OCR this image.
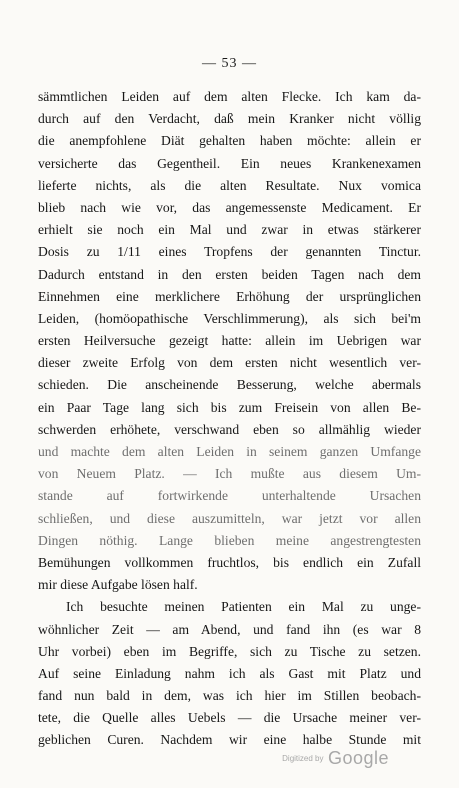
— 53 —
sämmtlichen Leiden auf dem alten Flecke. Ich kam da-
durch auf den Verdacht, daß mein Kranker nicht völlig
die anempfohlene Diät gehalten haben möchte: allein er
versicherte das Gegentheil. Ein neues Krankenexamen
lieferte nichts, als die alten Resultate. Nux vomica
blieb nach wie vor, das angemessenste Medicament. Er
erhielt sie noch ein Mal und zwar in etwas stärkerer
Dosis zu 1/11 eines Tropfens der genannten Tinctur.
Dadurch entstand in den ersten beiden Tagen nach dem
Einnehmen eine merklichere Erhöhung der ursprünglichen
Leiden, (homöopathische Verschlimmerung), als sich bei'm
ersten Heilversuche gezeigt hatte: allein im Uebrigen war
dieser zweite Erfolg von dem ersten nicht wesentlich ver-
schieden. Die anscheinende Besserung, welche abermals
ein Paar Tage lang sich bis zum Freisein von allen Be-
schwerden erhöhete, verschwand eben so allmählig wieder
und machte dem alten Leiden in seinem ganzen Umfange
von Neuem Platz. — Ich mußte aus diesem Um-
stande auf fortwirkende unterhaltende Ursachen
schließen, und diese auszumitteln, war jetzt vor allen
Dingen nöthig. Lange blieben meine angestrengtesten
Bemühungen vollkommen fruchtlos, bis endlich ein Zufall
mir diese Aufgabe lösen half.
Ich besuchte meinen Patienten ein Mal zu unge-
wöhnlicher Zeit — am Abend, und fand ihn (es war 8
Uhr vorbei) eben im Begriffe, sich zu Tische zu setzen.
Auf seine Einladung nahm ich als Gast mit Platz und
fand nun bald in dem, was ich hier im Stillen beobach-
tete, die Quelle alles Uebels — die Ursache meiner ver-
geblichen Curen. Nachdem wir eine halbe Stunde mit
Digitized by Google
